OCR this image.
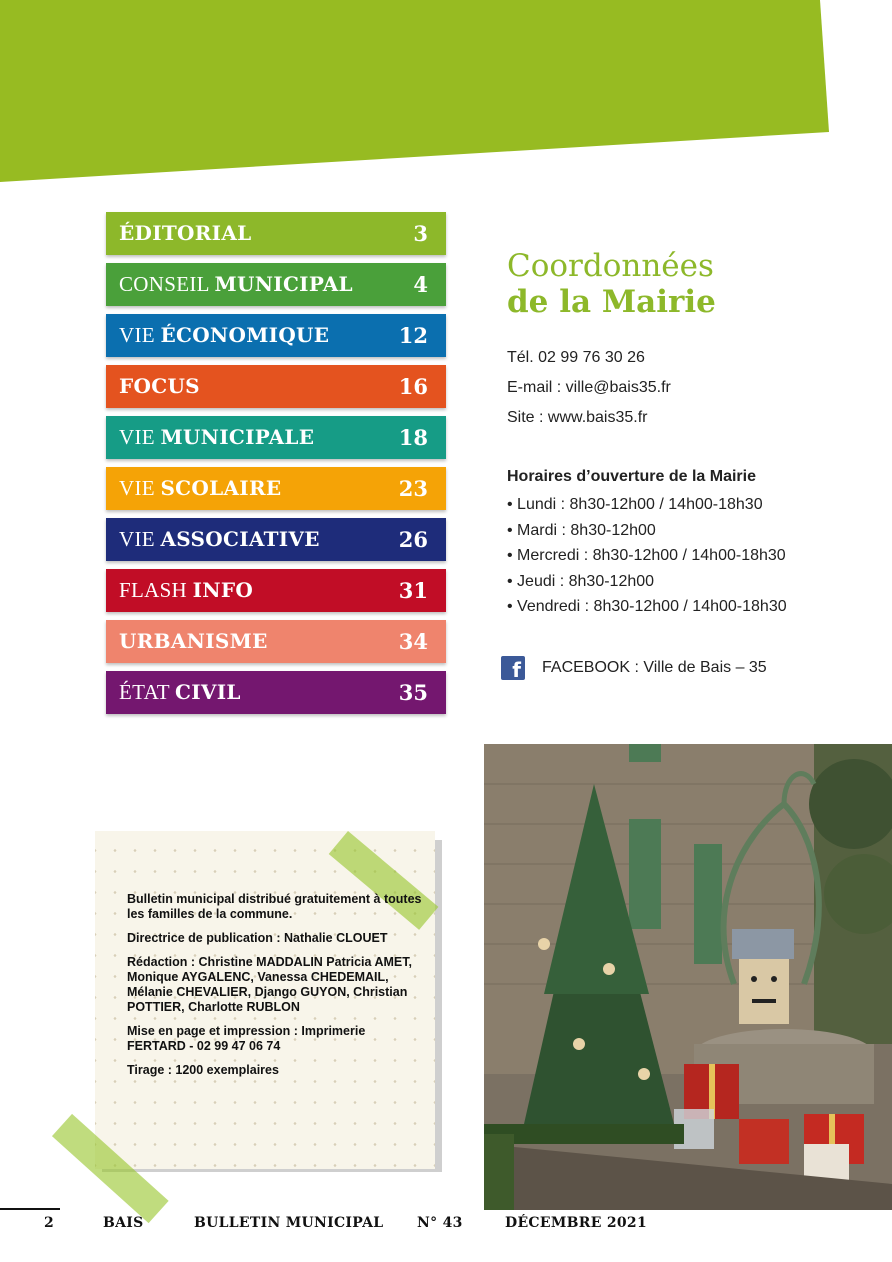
ÉDITORIAL	3
CONSEIL MUNICIPAL	4
VIE ÉCONOMIQUE	12
FOCUS	16
VIE MUNICIPALE	18
VIE SCOLAIRE	23
VIE ASSOCIATIVE	26
FLASH INFO	31
URBANISME	34
ÉTAT CIVIL	35
Coordonnées
de la Mairie
Tél. 02 99 76 30 26
E-mail : ville@bais35.fr
Site : www.bais35.fr
Horaires d’ouverture de la Mairie
• Lundi : 8h30-12h00 / 14h00-18h30
• Mardi : 8h30-12h00
• Mercredi : 8h30-12h00 / 14h00-18h30
• Jeudi : 8h30-12h00
• Vendredi : 8h30-12h00 / 14h00-18h30
f FACEBOOK : Ville de Bais – 35

Bulletin municipal distribué gratuitement à toutes les familles de la commune.

Directrice de publication : Nathalie CLOUET

Rédaction : Christine MADDALIN Patricia AMET, Monique AYGALENC, Vanessa CHEDEMAIL, Mélanie CHEVALIER, Django GUYON, Christian POTTIER, Charlotte RUBLON

Mise en page et impression : Imprimerie FERTARD - 02 99 47 06 74

Tirage : 1200 exemplaires

2	BAIS	BULLETIN MUNICIPAL N° 43	DÉCEMBRE 2021
